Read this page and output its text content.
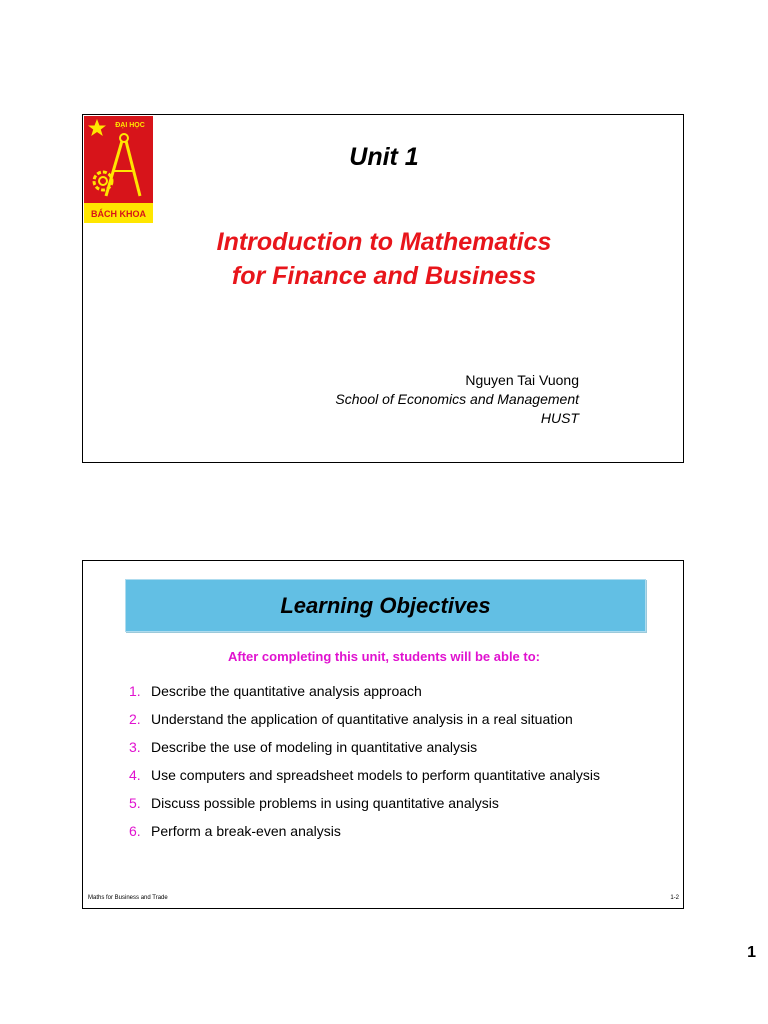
ĐẠI HỌC
BÁCH KHOA
Unit 1
Introduction to Mathematics
for Finance and Business
Nguyen Tai Vuong
School of Economics and Management
HUST
Learning Objectives
After completing this unit, students will be able to:
1. Describe the quantitative analysis approach
2. Understand the application of quantitative analysis in a real situation
3. Describe the use of modeling in quantitative analysis
4. Use computers and spreadsheet models to perform quantitative analysis
5. Discuss possible problems in using quantitative analysis
6. Perform a break-even analysis
Maths for Business and Trade	1-2
1
